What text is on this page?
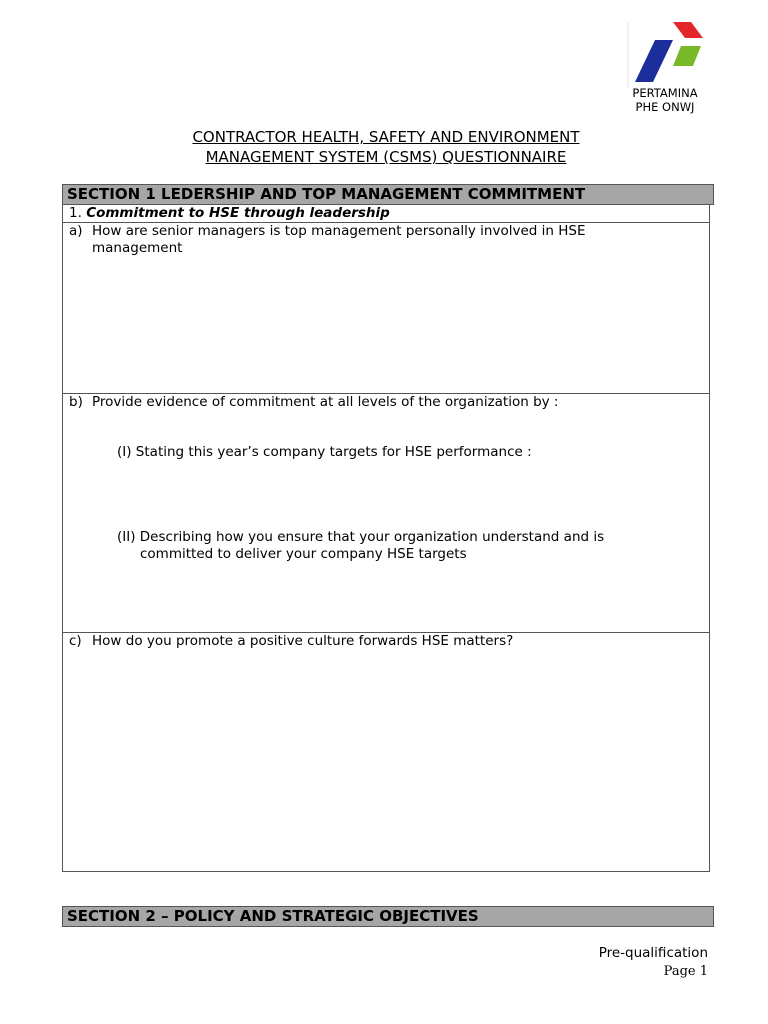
PERTAMINA
PHE ONWJ
CONTRACTOR HEALTH, SAFETY AND ENVIRONMENT
MANAGEMENT SYSTEM (CSMS) QUESTIONNAIRE
SECTION 1 LEDERSHIP AND TOP MANAGEMENT COMMITMENT
1. Commitment to HSE through leadership
a) How are senior managers is top management personally involved in HSE
management
b) Provide evidence of commitment at all levels of the organization by :
(I) Stating this year’s company targets for HSE performance :
(II) Describing how you ensure that your organization understand and is
committed to deliver your company HSE targets
c) How do you promote a positive culture forwards HSE matters?
SECTION 2 – POLICY AND STRATEGIC OBJECTIVES
Pre-qualification
Page 1
